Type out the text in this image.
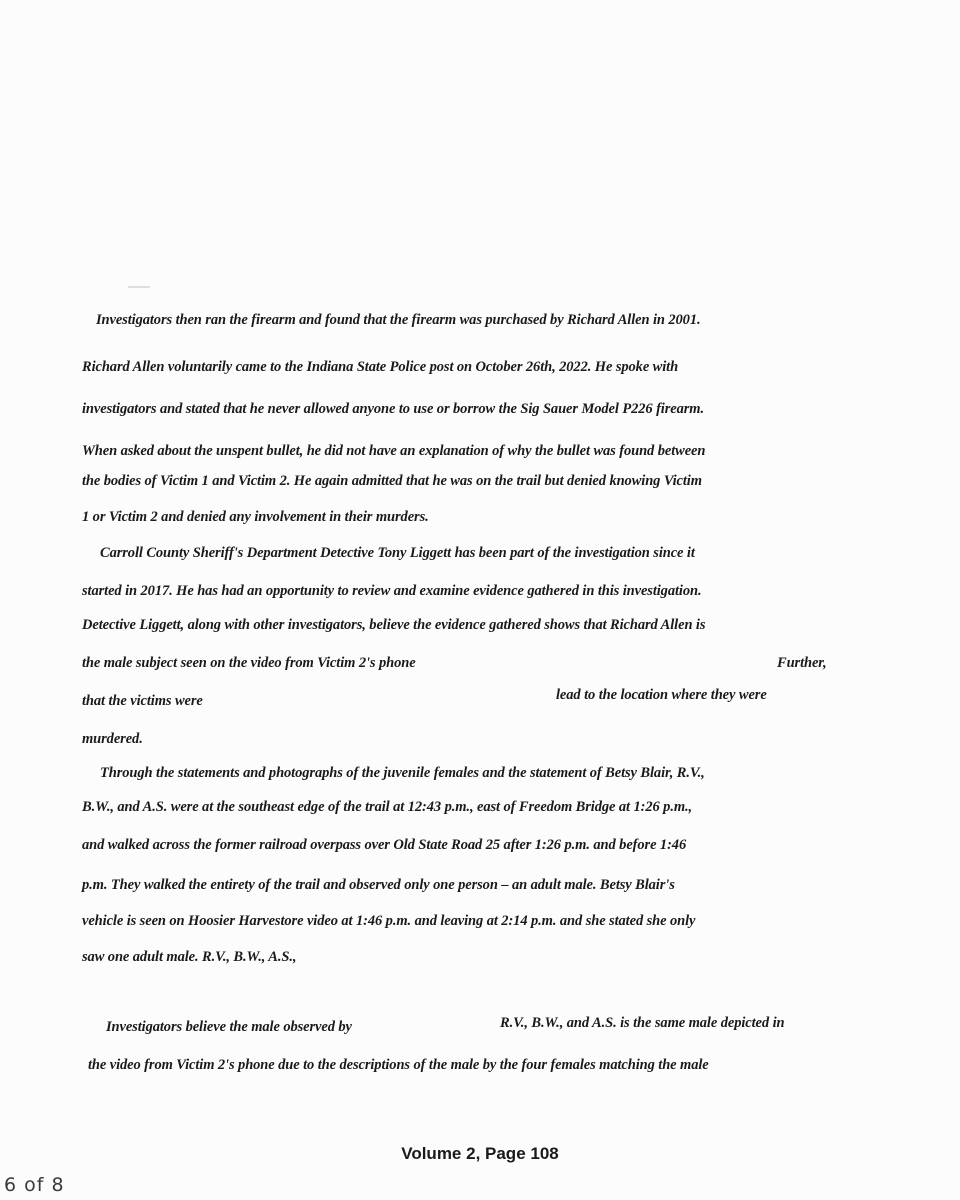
Investigators then ran the firearm and found that the firearm was purchased by Richard Allen in 2001.

Richard Allen voluntarily came to the Indiana State Police post on October 26th, 2022. He spoke with

investigators and stated that he never allowed anyone to use or borrow the Sig Sauer Model P226 firearm.

When asked about the unspent bullet, he did not have an explanation of why the bullet was found between

the bodies of Victim 1 and Victim 2. He again admitted that he was on the trail but denied knowing Victim

1 or Victim 2 and denied any involvement in their murders.

Carroll County Sheriff's Department Detective Tony Liggett has been part of the investigation since it

started in 2017. He has had an opportunity to review and examine evidence gathered in this investigation.

Detective Liggett, along with other investigators, believe the evidence gathered shows that Richard Allen is

the male subject seen on the video from Victim 2's phone	Further,

that the victims were	lead to the location where they were

murdered.

Through the statements and photographs of the juvenile females and the statement of Betsy Blair, R.V.,

B.W., and A.S. were at the southeast edge of the trail at 12:43 p.m., east of Freedom Bridge at 1:26 p.m.,

and walked across the former railroad overpass over Old State Road 25 after 1:26 p.m. and before 1:46

p.m. They walked the entirety of the trail and observed only one person – an adult male. Betsy Blair's

vehicle is seen on Hoosier Harvestore video at 1:46 p.m. and leaving at 2:14 p.m. and she stated she only

saw one adult male. R.V., B.W., A.S.,

Investigators believe the male observed by	R.V., B.W., and A.S. is the same male depicted in

the video from Victim 2's phone due to the descriptions of the male by the four females matching the male

Volume 2, Page 108
6 of 8
